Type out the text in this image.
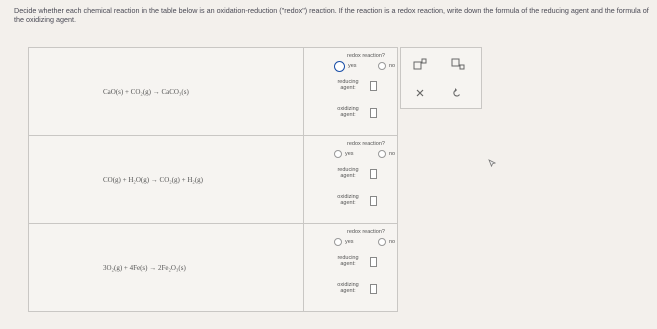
Decide whether each chemical reaction in the table below is an oxidation-reduction ("redox") reaction. If the reaction is a redox reaction, write down the formula of the reducing agent and the formula of the oxidizing agent.
CaO(s) + CO₂(g) → CaCO₃(s)	redox reaction?
yes no
reducing agent:
oxidizing agent:

CO(g) + H₂O(g) → CO₂(g) + H₂(g)	redox reaction?
yes no
reducing agent:
oxidizing agent:

3O₂(g) + 4Fe(s) → 2Fe₂O₃(s)	redox reaction?
yes no
reducing agent:
oxidizing agent:
